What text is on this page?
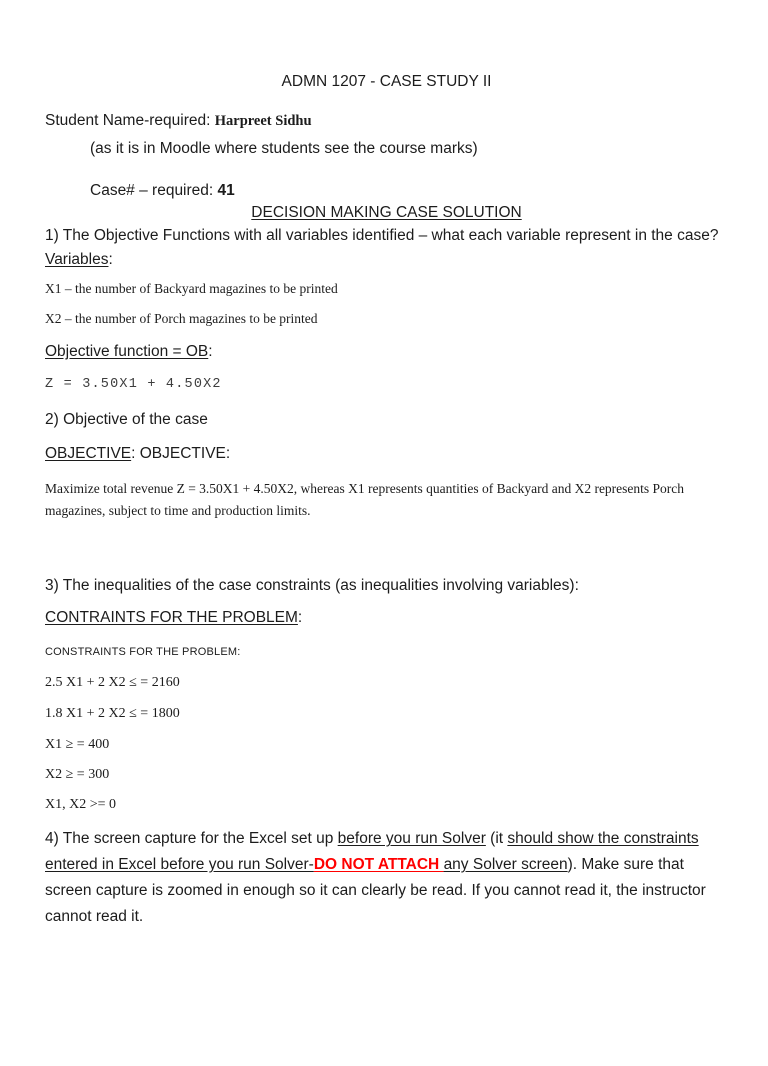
ADMN 1207 - CASE STUDY II
Student Name-required: Harpreet Sidhu
(as it is in Moodle where students see the course marks)
Case# – required: 41
DECISION MAKING CASE SOLUTION
1) The Objective Functions with all variables identified – what each variable represent in the case?
Variables:
X1 – the number of Backyard magazines to be printed
X2 – the number of Porch magazines to be printed
Objective function = OB:
Z = 3.50X1 + 4.50X2
2) Objective of the case
OBJECTIVE: OBJECTIVE:
Maximize total revenue Z = 3.50X1 + 4.50X2, whereas X1 represents quantities of Backyard and X2 represents Porch magazines, subject to time and production limits.
3) The inequalities of the case constraints (as inequalities involving variables):
CONTRAINTS FOR THE PROBLEM:
CONSTRAINTS FOR THE PROBLEM:
2.5 X1 + 2 X2 ≤ = 2160
1.8 X1 + 2 X2 ≤ = 1800
X1 ≥ = 400
X2 ≥ = 300
X1, X2 >= 0
4) The screen capture for the Excel set up before you run Solver (it should show the constraints entered in Excel before you run Solver-DO NOT ATTACH any Solver screen). Make sure that screen capture is zoomed in enough so it can clearly be read. If you cannot read it, the instructor cannot read it.
